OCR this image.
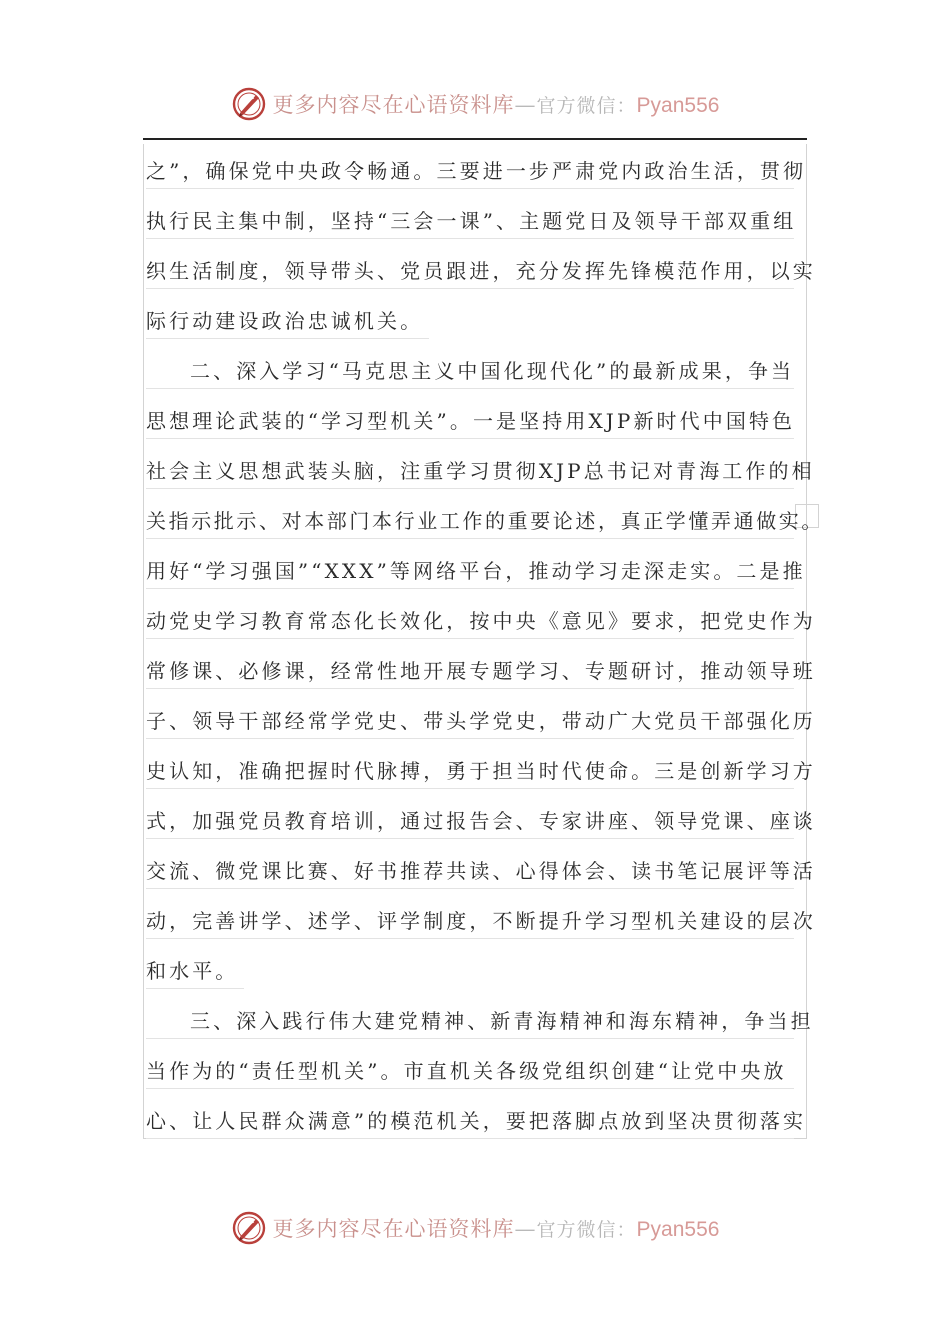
更多内容尽在心语资料库—官方微信：Pyan556
之”，确保党中央政令畅通。三要进一步严肃党内政治生活，贯彻
执行民主集中制，坚持“三会一课”、主题党日及领导干部双重组
织生活制度，领导带头、党员跟进，充分发挥先锋模范作用，以实
际行动建设政治忠诚机关。
二、深入学习“马克思主义中国化现代化”的最新成果，争当
思想理论武装的“学习型机关”。一是坚持用XJP新时代中国特色
社会主义思想武装头脑，注重学习贯彻XJP总书记对青海工作的相
关指示批示、对本部门本行业工作的重要论述，真正学懂弄通做实。
用好“学习强国”“XXX”等网络平台，推动学习走深走实。二是推
动党史学习教育常态化长效化，按中央《意见》要求，把党史作为
常修课、必修课，经常性地开展专题学习、专题研讨，推动领导班
子、领导干部经常学党史、带头学党史，带动广大党员干部强化历
史认知，准确把握时代脉搏，勇于担当时代使命。三是创新学习方
式，加强党员教育培训，通过报告会、专家讲座、领导党课、座谈
交流、微党课比赛、好书推荐共读、心得体会、读书笔记展评等活
动，完善讲学、述学、评学制度，不断提升学习型机关建设的层次
和水平。
三、深入践行伟大建党精神、新青海精神和海东精神，争当担
当作为的“责任型机关”。市直机关各级党组织创建“让党中央放
心、让人民群众满意”的模范机关，要把落脚点放到坚决贯彻落实
更多内容尽在心语资料库—官方微信：Pyan556
